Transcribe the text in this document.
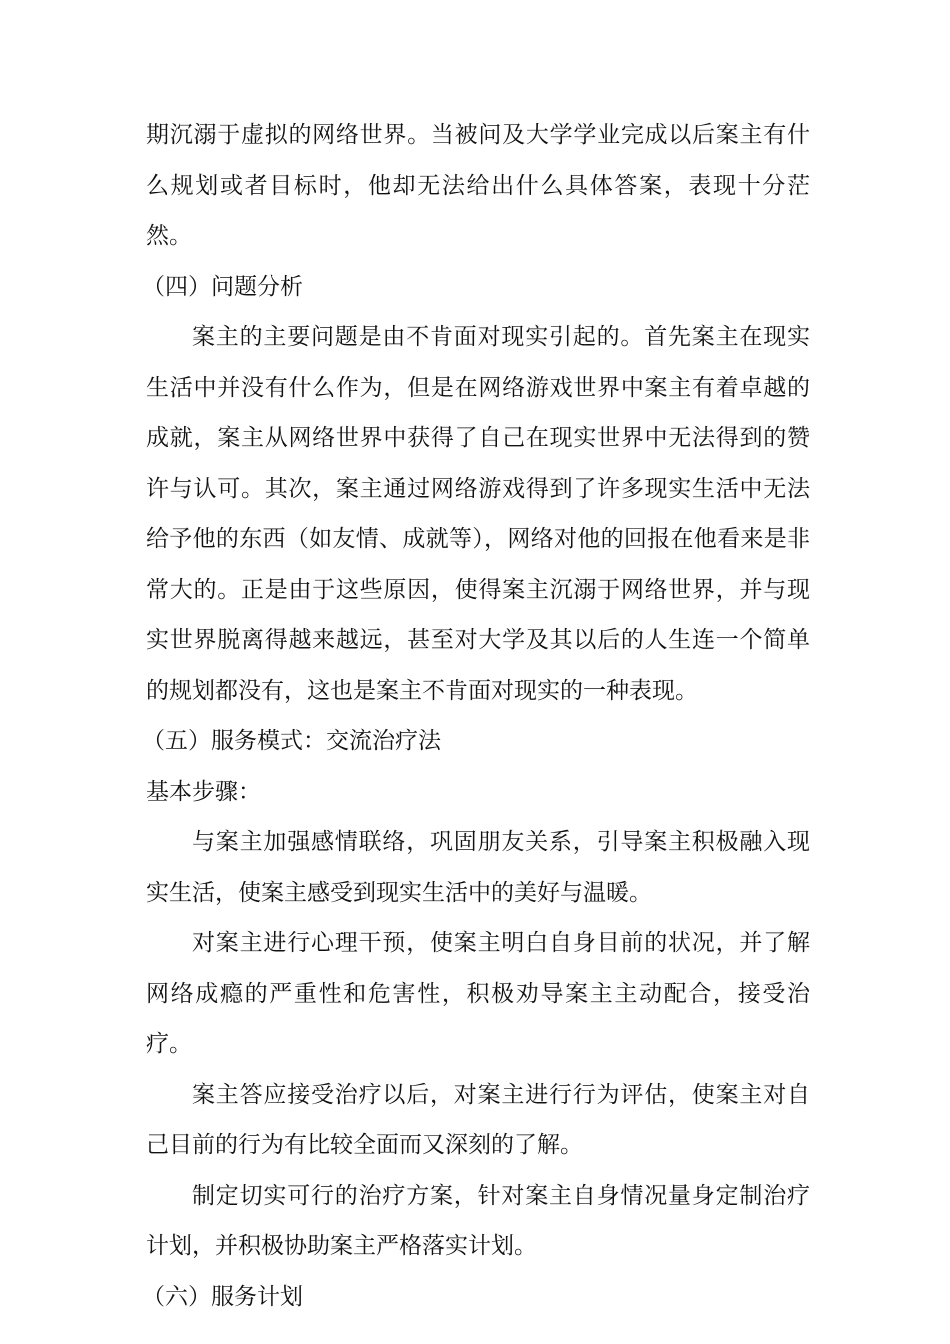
期沉溺于虚拟的网络世界。当被问及大学学业完成以后案主有什么规划或者目标时，他却无法给出什么具体答案，表现十分茫然。

（四）问题分析

案主的主要问题是由不肯面对现实引起的。首先案主在现实生活中并没有什么作为，但是在网络游戏世界中案主有着卓越的成就，案主从网络世界中获得了自己在现实世界中无法得到的赞许与认可。其次，案主通过网络游戏得到了许多现实生活中无法给予他的东西（如友情、成就等），网络对他的回报在他看来是非常大的。正是由于这些原因，使得案主沉溺于网络世界，并与现实世界脱离得越来越远，甚至对大学及其以后的人生连一个简单的规划都没有，这也是案主不肯面对现实的一种表现。

（五）服务模式：交流治疗法

基本步骤：

与案主加强感情联络，巩固朋友关系，引导案主积极融入现实生活，使案主感受到现实生活中的美好与温暖。

对案主进行心理干预，使案主明白自身目前的状况，并了解网络成瘾的严重性和危害性，积极劝导案主主动配合，接受治疗。

案主答应接受治疗以后，对案主进行行为评估，使案主对自己目前的行为有比较全面而又深刻的了解。

制定切实可行的治疗方案，针对案主自身情况量身定制治疗计划，并积极协助案主严格落实计划。

（六）服务计划
